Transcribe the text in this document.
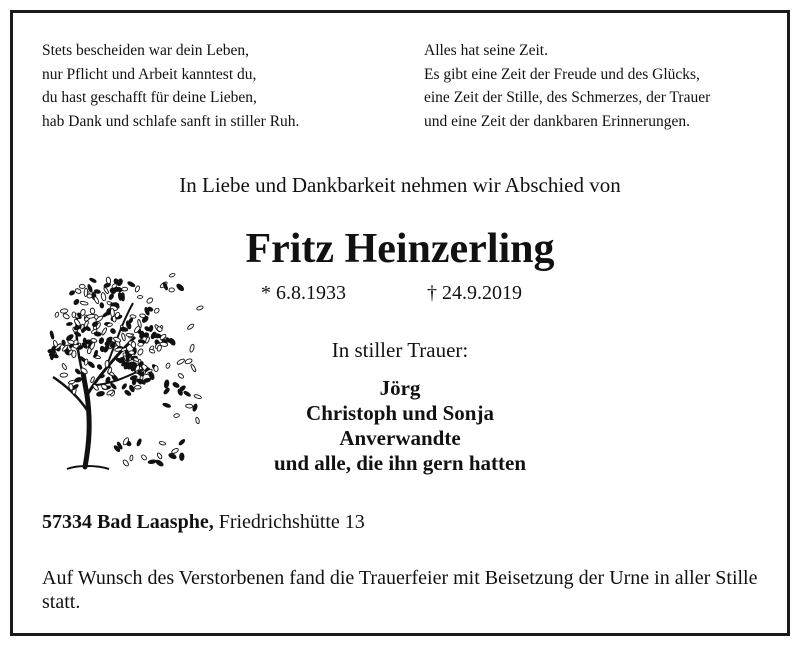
Stets bescheiden war dein Leben,
nur Pflicht und Arbeit kanntest du,
du hast geschafft für deine Lieben,
hab Dank und schlafe sanft in stiller Ruh.
Alles hat seine Zeit.
Es gibt eine Zeit der Freude und des Glücks,
eine Zeit der Stille, des Schmerzes, der Trauer
und eine Zeit der dankbaren Erinnerungen.
In Liebe und Dankbarkeit nehmen wir Abschied von
Fritz Heinzerling
* 6.8.1933	† 24.9.2019
In stiller Trauer:
Jörg
Christoph und Sonja
Anverwandte
und alle, die ihn gern hatten
57334 Bad Laasphe, Friedrichshütte 13
Auf Wunsch des Verstorbenen fand die Trauerfeier mit Beisetzung der Urne in aller Stille statt.
